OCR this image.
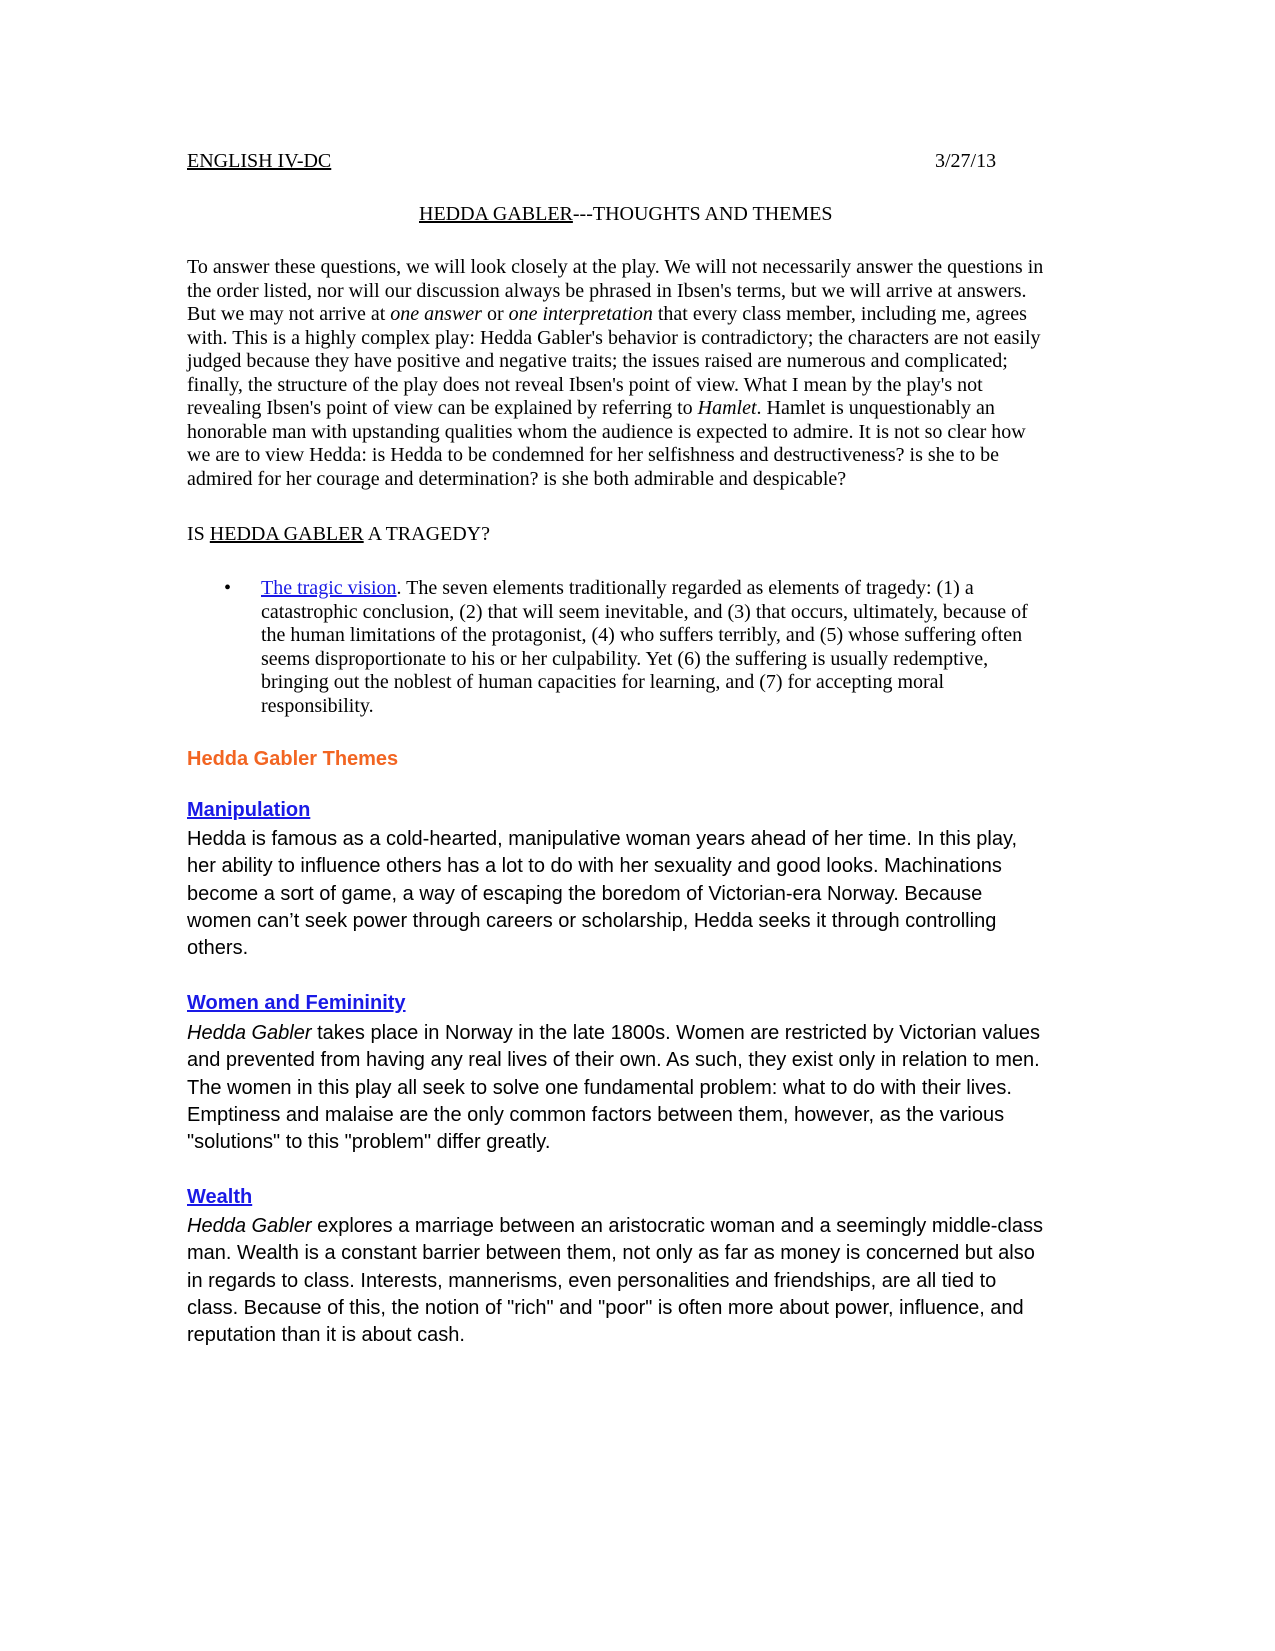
ENGLISH IV-DC	3/27/13
HEDDA GABLER---THOUGHTS AND THEMES
To answer these questions, we will look closely at the play. We will not necessarily answer the questions in
the order listed, nor will our discussion always be phrased in Ibsen's terms, but we will arrive at answers.
But we may not arrive at one answer or one interpretation that every class member, including me, agrees
with. This is a highly complex play: Hedda Gabler's behavior is contradictory; the characters are not easily
judged because they have positive and negative traits; the issues raised are numerous and complicated;
finally, the structure of the play does not reveal Ibsen's point of view. What I mean by the play's not
revealing Ibsen's point of view can be explained by referring to Hamlet. Hamlet is unquestionably an
honorable man with upstanding qualities whom the audience is expected to admire. It is not so clear how
we are to view Hedda: is Hedda to be condemned for her selfishness and destructiveness? is she to be
admired for her courage and determination? is she both admirable and despicable?
IS HEDDA GABLER A TRAGEDY?
• The tragic vision. The seven elements traditionally regarded as elements of tragedy: (1) a
catastrophic conclusion, (2) that will seem inevitable, and (3) that occurs, ultimately, because of
the human limitations of the protagonist, (4) who suffers terribly, and (5) whose suffering often
seems disproportionate to his or her culpability. Yet (6) the suffering is usually redemptive,
bringing out the noblest of human capacities for learning, and (7) for accepting moral
responsibility.
Hedda Gabler Themes
Manipulation
Hedda is famous as a cold-hearted, manipulative woman years ahead of her time. In this play,
her ability to influence others has a lot to do with her sexuality and good looks. Machinations
become a sort of game, a way of escaping the boredom of Victorian-era Norway. Because
women can’t seek power through careers or scholarship, Hedda seeks it through controlling
others.
Women and Femininity
Hedda Gabler takes place in Norway in the late 1800s. Women are restricted by Victorian values
and prevented from having any real lives of their own. As such, they exist only in relation to men.
The women in this play all seek to solve one fundamental problem: what to do with their lives.
Emptiness and malaise are the only common factors between them, however, as the various
"solutions" to this "problem" differ greatly.
Wealth
Hedda Gabler explores a marriage between an aristocratic woman and a seemingly middle-class
man. Wealth is a constant barrier between them, not only as far as money is concerned but also
in regards to class. Interests, mannerisms, even personalities and friendships, are all tied to
class. Because of this, the notion of "rich" and "poor" is often more about power, influence, and
reputation than it is about cash.
